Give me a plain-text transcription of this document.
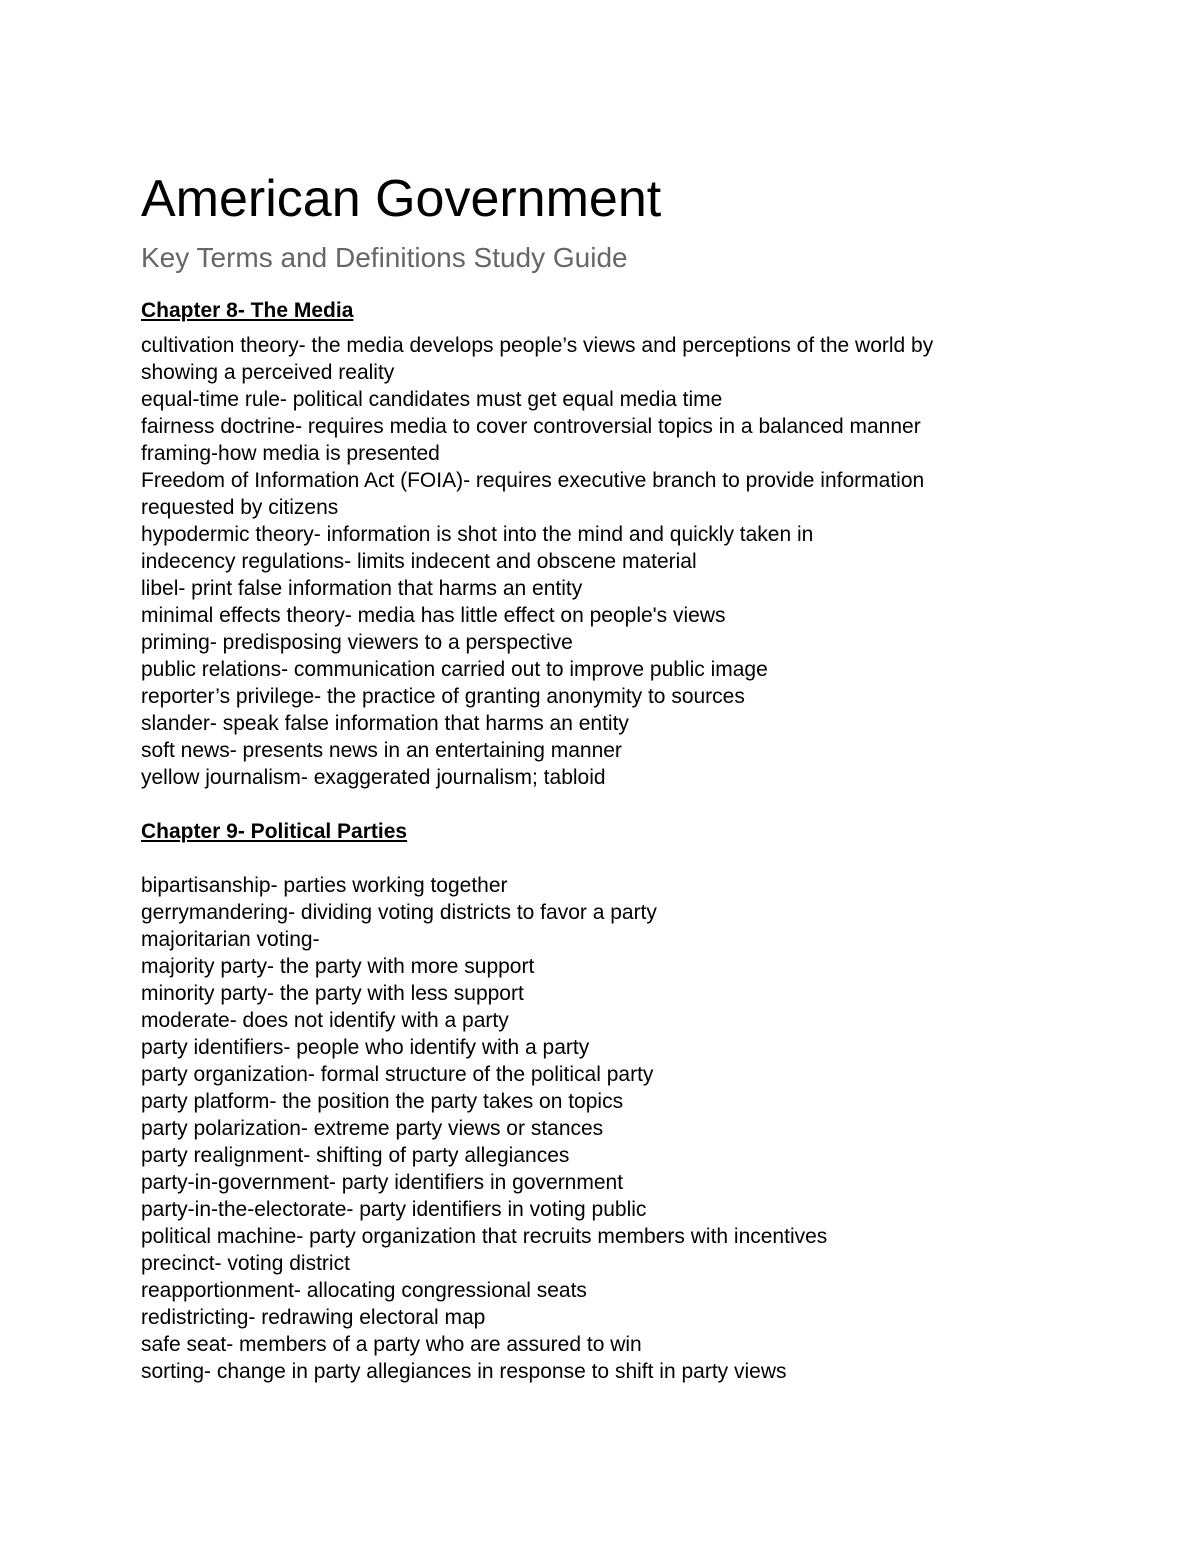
American Government
Key Terms and Definitions Study Guide
Chapter 8- The Media
cultivation theory- the media develops people’s views and perceptions of the world by
showing a perceived reality
equal-time rule- political candidates must get equal media time
fairness doctrine- requires media to cover controversial topics in a balanced manner
framing-how media is presented
Freedom of Information Act (FOIA)- requires executive branch to provide information
requested by citizens
hypodermic theory- information is shot into the mind and quickly taken in
indecency regulations- limits indecent and obscene material
libel- print false information that harms an entity
minimal effects theory- media has little effect on people's views
priming- predisposing viewers to a perspective
public relations- communication carried out to improve public image
reporter’s privilege- the practice of granting anonymity to sources
slander- speak false information that harms an entity
soft news- presents news in an entertaining manner
yellow journalism- exaggerated journalism; tabloid
Chapter 9- Political Parties
bipartisanship- parties working together
gerrymandering- dividing voting districts to favor a party
majoritarian voting-
majority party- the party with more support
minority party- the party with less support
moderate- does not identify with a party
party identifiers- people who identify with a party
party organization- formal structure of the political party
party platform- the position the party takes on topics
party polarization- extreme party views or stances
party realignment- shifting of party allegiances
party-in-government- party identifiers in government
party-in-the-electorate- party identifiers in voting public
political machine- party organization that recruits members with incentives
precinct- voting district
reapportionment- allocating congressional seats
redistricting- redrawing electoral map
safe seat- members of a party who are assured to win
sorting- change in party allegiances in response to shift in party views
